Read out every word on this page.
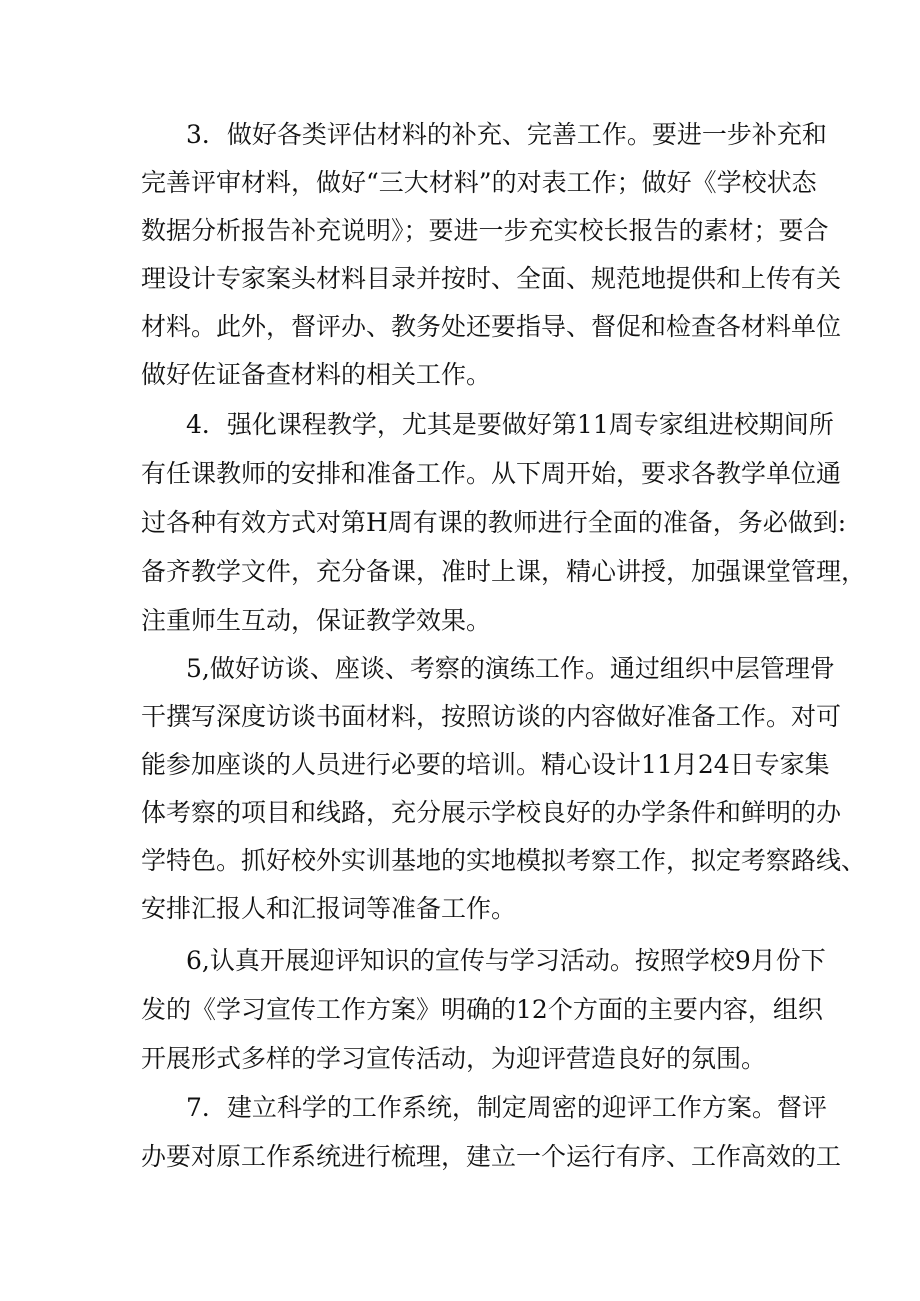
3．做好各类评估材料的补充、完善工作。要进一步补充和
完善评审材料，做好“三大材料”的对表工作；做好《学校状态
数据分析报告补充说明》；要进一步充实校长报告的素材；要合
理设计专家案头材料目录并按时、全面、规范地提供和上传有关
材料。此外，督评办、教务处还要指导、督促和检查各材料单位
做好佐证备查材料的相关工作。
4．强化课程教学，尤其是要做好第11周专家组进校期间所
有任课教师的安排和准备工作。从下周开始，要求各教学单位通
过各种有效方式对第H周有课的教师进行全面的准备，务必做到:
备齐教学文件，充分备课，准时上课，精心讲授，加强课堂管理，
注重师生互动，保证教学效果。
5,做好访谈、座谈、考察的演练工作。通过组织中层管理骨
干撰写深度访谈书面材料，按照访谈的内容做好准备工作。对可
能参加座谈的人员进行必要的培训。精心设计11月24日专家集
体考察的项目和线路，充分展示学校良好的办学条件和鲜明的办
学特色。抓好校外实训基地的实地模拟考察工作，拟定考察路线、
安排汇报人和汇报词等准备工作。
6,认真开展迎评知识的宣传与学习活动。按照学校9月份下
发的《学习宣传工作方案》明确的12个方面的主要内容，组织
开展形式多样的学习宣传活动，为迎评营造良好的氛围。
7．建立科学的工作系统，制定周密的迎评工作方案。督评
办要对原工作系统进行梳理，建立一个运行有序、工作高效的工
